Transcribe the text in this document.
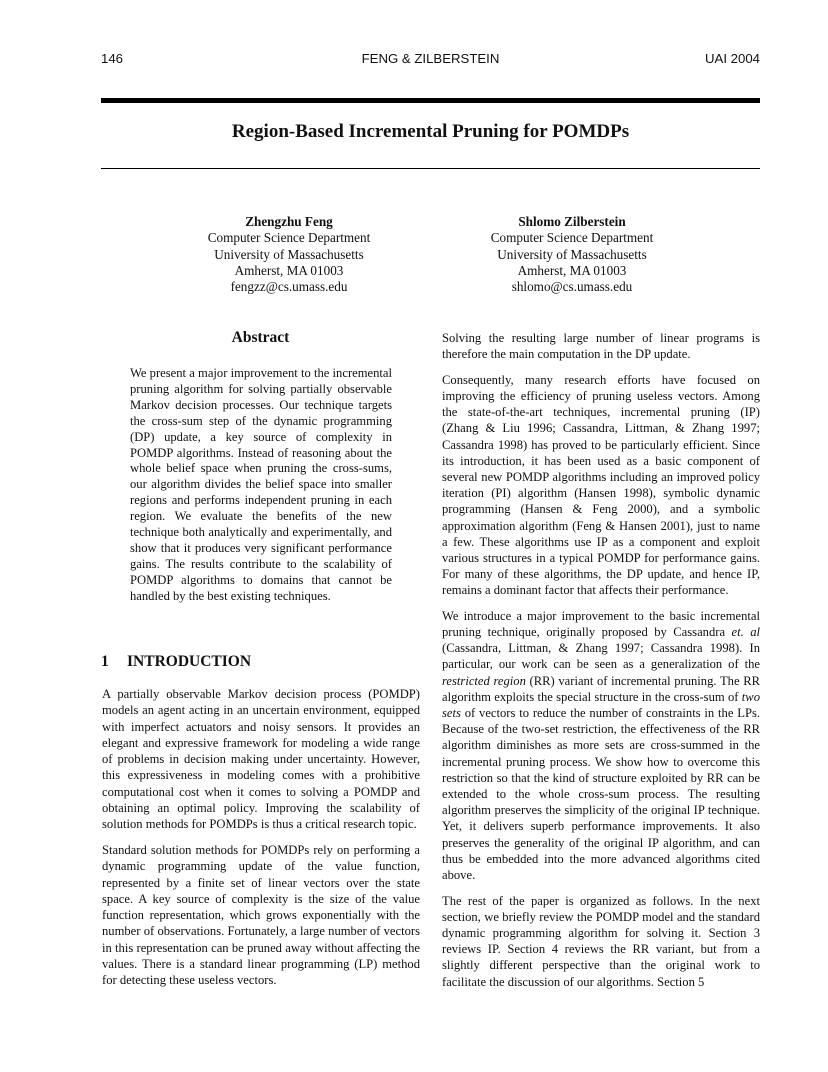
146	FENG & ZILBERSTEIN	UAI 2004
Region-Based Incremental Pruning for POMDPs
Zhengzhu Feng
Computer Science Department
University of Massachusetts
Amherst, MA 01003
fengzz@cs.umass.edu
Shlomo Zilberstein
Computer Science Department
University of Massachusetts
Amherst, MA 01003
shlomo@cs.umass.edu
Abstract

We present a major improvement to the incremental pruning algorithm for solving partially observable Markov decision processes. Our technique targets the cross-sum step of the dynamic programming (DP) update, a key source of complexity in POMDP algorithms. Instead of reasoning about the whole belief space when pruning the cross-sums, our algorithm divides the belief space into smaller regions and performs independent pruning in each region. We evaluate the benefits of the new technique both analytically and experimentally, and show that it produces very significant performance gains. The results contribute to the scalability of POMDP algorithms to domains that cannot be handled by the best existing techniques.

1 INTRODUCTION

A partially observable Markov decision process (POMDP) models an agent acting in an uncertain environment, equipped with imperfect actuators and noisy sensors. It provides an elegant and expressive framework for modeling a wide range of problems in decision making under uncertainty. However, this expressiveness in modeling comes with a prohibitive computational cost when it comes to solving a POMDP and obtaining an optimal policy. Improving the scalability of solution methods for POMDPs is thus a critical research topic.

Standard solution methods for POMDPs rely on performing a dynamic programming update of the value function, represented by a finite set of linear vectors over the state space. A key source of complexity is the size of the value function representation, which grows exponentially with the number of observations. Fortunately, a large number of vectors in this representation can be pruned away without affecting the values. There is a standard linear programming (LP) method for detecting these useless vectors.

Solving the resulting large number of linear programs is therefore the main computation in the DP update.

Consequently, many research efforts have focused on improving the efficiency of pruning useless vectors. Among the state-of-the-art techniques, incremental pruning (IP) (Zhang & Liu 1996; Cassandra, Littman, & Zhang 1997; Cassandra 1998) has proved to be particularly efficient. Since its introduction, it has been used as a basic component of several new POMDP algorithms including an improved policy iteration (PI) algorithm (Hansen 1998), symbolic dynamic programming (Hansen & Feng 2000), and a symbolic approximation algorithm (Feng & Hansen 2001), just to name a few. These algorithms use IP as a component and exploit various structures in a typical POMDP for performance gains. For many of these algorithms, the DP update, and hence IP, remains a dominant factor that affects their performance.

We introduce a major improvement to the basic incremental pruning technique, originally proposed by Cassandra et. al (Cassandra, Littman, & Zhang 1997; Cassandra 1998). In particular, our work can be seen as a generalization of the restricted region (RR) variant of incremental pruning. The RR algorithm exploits the special structure in the cross-sum of two sets of vectors to reduce the number of constraints in the LPs. Because of the two-set restriction, the effectiveness of the RR algorithm diminishes as more sets are cross-summed in the incremental pruning process. We show how to overcome this restriction so that the kind of structure exploited by RR can be extended to the whole cross-sum process. The resulting algorithm preserves the simplicity of the original IP technique. Yet, it delivers superb performance improvements. It also preserves the generality of the original IP algorithm, and can thus be embedded into the more advanced algorithms cited above.

The rest of the paper is organized as follows. In the next section, we briefly review the POMDP model and the standard dynamic programming algorithm for solving it. Section 3 reviews IP. Section 4 reviews the RR variant, but from a slightly different perspective than the original work to facilitate the discussion of our algorithms. Section 5
